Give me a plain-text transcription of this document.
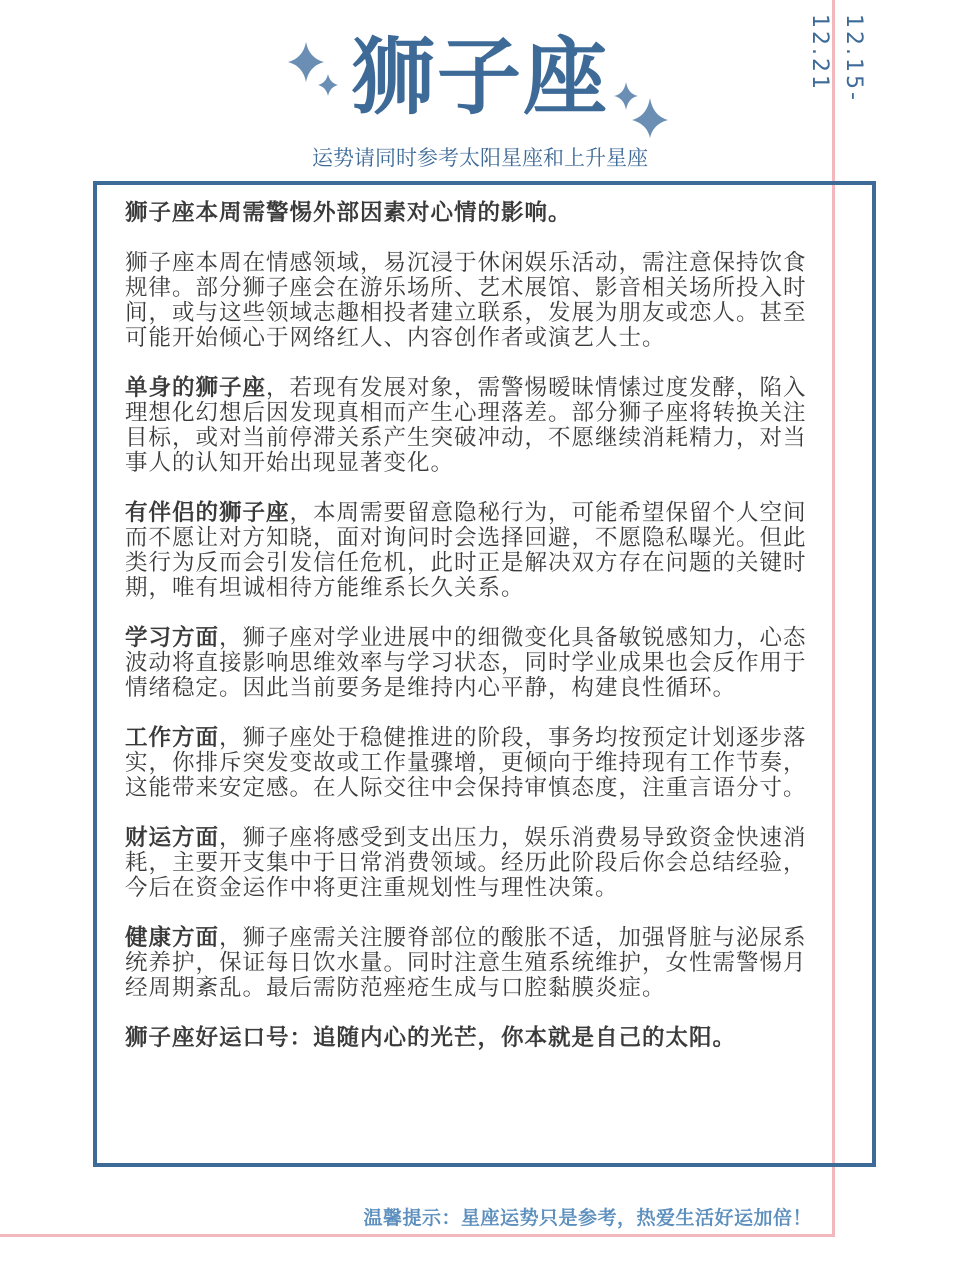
狮子座
运势请同时参考太阳星座和上升星座
12.15-12.21

狮子座本周需警惕外部因素对心情的影响。

狮子座本周在情感领域，易沉浸于休闲娱乐活动，需注意保持饮食规律。部分狮子座会在游乐场所、艺术展馆、影音相关场所投入时间，或与这些领域志趣相投者建立联系，发展为朋友或恋人。甚至可能开始倾心于网络红人、内容创作者或演艺人士。

单身的狮子座，若现有发展对象，需警惕暧昧情愫过度发酵，陷入理想化幻想后因发现真相而产生心理落差。部分狮子座将转换关注目标，或对当前停滞关系产生突破冲动，不愿继续消耗精力，对当事人的认知开始出现显著变化。

有伴侣的狮子座，本周需要留意隐秘行为，可能希望保留个人空间而不愿让对方知晓，面对询问时会选择回避，不愿隐私曝光。但此类行为反而会引发信任危机，此时正是解决双方存在问题的关键时期，唯有坦诚相待方能维系长久关系。

学习方面，狮子座对学业进展中的细微变化具备敏锐感知力，心态波动将直接影响思维效率与学习状态，同时学业成果也会反作用于情绪稳定。因此当前要务是维持内心平静，构建良性循环。

工作方面，狮子座处于稳健推进的阶段，事务均按预定计划逐步落实，你排斥突发变故或工作量骤增，更倾向于维持现有工作节奏，这能带来安定感。在人际交往中会保持审慎态度，注重言语分寸。

财运方面，狮子座将感受到支出压力，娱乐消费易导致资金快速消耗，主要开支集中于日常消费领域。经历此阶段后你会总结经验，今后在资金运作中将更注重规划性与理性决策。

健康方面，狮子座需关注腰脊部位的酸胀不适，加强肾脏与泌尿系统养护，保证每日饮水量。同时注意生殖系统维护，女性需警惕月经周期紊乱。最后需防范痤疮生成与口腔黏膜炎症。

狮子座好运口号：追随内心的光芒，你本就是自己的太阳。

温馨提示：星座运势只是参考，热爱生活好运加倍！
